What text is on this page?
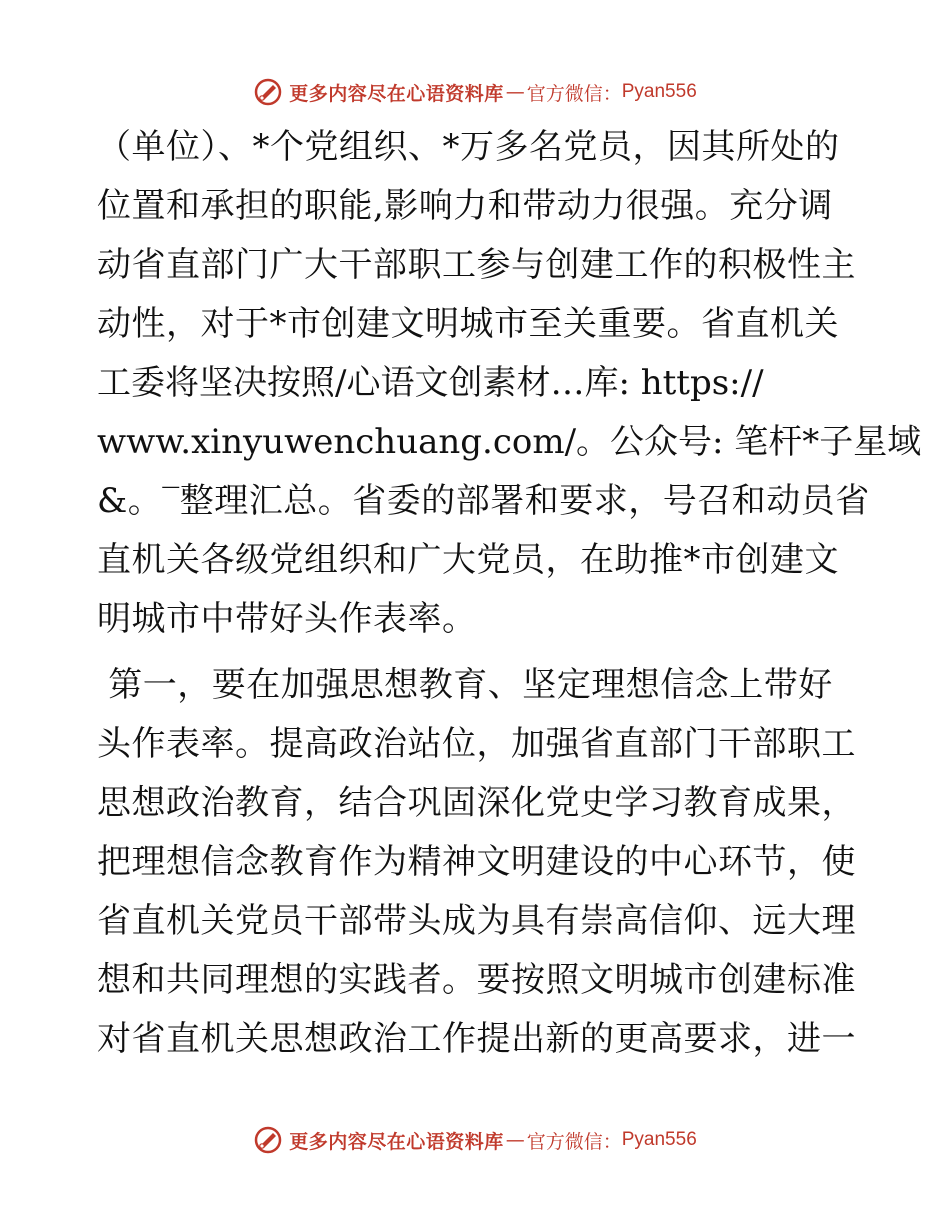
更多内容尽在心语资料库 — 官方微信： Pyan556
（单位）、*个党组织、*万多名党员，因其所处的
位置和承担的职能,影响力和带动力很强。充分调
动省直部门广大干部职工参与创建工作的积极性主
动性，对于*市创建文明城市至关重要。省直机关
工委将坚决按照/心语文创素材…库: https://
www.xinyuwenchuang.com/。公众号: 笔杆*子星域
&。‾整理汇总。省委的部署和要求，号召和动员省
直机关各级党组织和广大党员，在助推*市创建文
明城市中带好头作表率。
第一，要在加强思想教育、坚定理想信念上带好
头作表率。提高政治站位，加强省直部门干部职工
思想政治教育，结合巩固深化党史学习教育成果，
把理想信念教育作为精神文明建设的中心环节，使
省直机关党员干部带头成为具有崇高信仰、远大理
想和共同理想的实践者。要按照文明城市创建标准
对省直机关思想政治工作提出新的更高要求，进一
更多内容尽在心语资料库 — 官方微信： Pyan556
